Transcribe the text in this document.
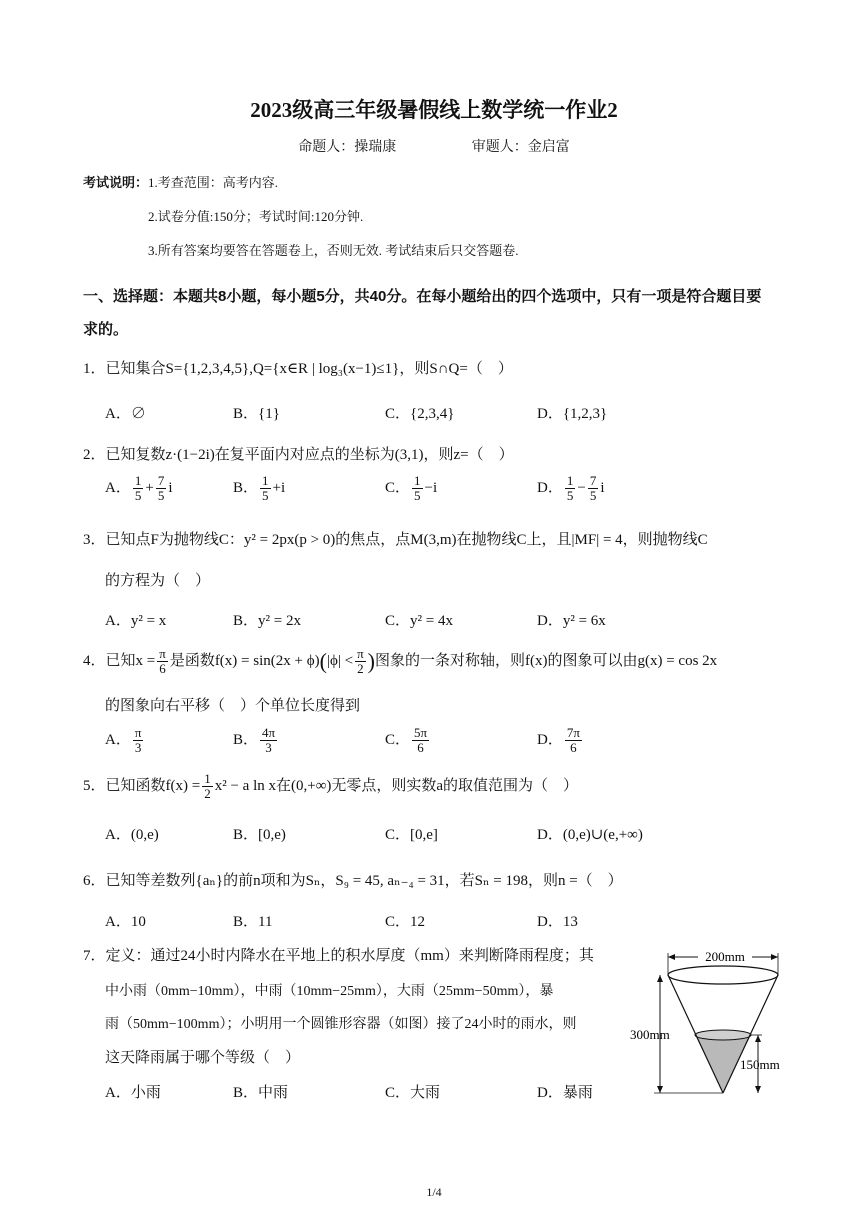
2023级高三年级暑假线上数学统一作业2
命题人：操瑞康	审题人：金启富
考试说明：1.考查范围：高考内容.
2.试卷分值:150分；考试时间:120分钟.
3.所有答案均要答在答题卷上，否则无效. 考试结束后只交答题卷.
一、选择题：本题共8小题，每小题5分，共40分。在每小题给出的四个选项中，只有一项是符合题目要
求的。
1．已知集合S={1,2,3,4,5},Q={x∈R | log₃(x−1)≤1}，则S∩Q=（　）
A．∅	B．{1}	C．{2,3,4}	D．{1,2,3}
2．已知复数z·(1−2i)在复平面内对应点的坐标为(3,1)，则z=（　）
A． $\frac{1}{5} + \frac{7}{5}$ i	B． $\frac{1}{5} +i$	C． $\frac{1}{5} -i$	D． $\frac{1}{5} - \frac{7}{5}$ i
3．已知点F为抛物线C：y² = 2px(p > 0)的焦点，点M(3,m)在抛物线C上，且|MF| = 4，则抛物线C
的方程为（　）
A．y² = x	B．y² = 2x	C．y² = 4x	D．y² = 6x
4．已知$x = \frac{\pi}{6}$ 是函数$f(x) = \sin(2x + \phi)(|\phi| < \frac{\pi}{2}$ )图象的一条对称轴，则f(x)的图象可以由g(x) = cos 2x
的图象向右平移（　）个单位长度得到
A． $\frac{\pi}{3}$	B． $\frac{4\pi}{3}$	C． $\frac{5\pi}{6}$	D． $\frac{7\pi}{6}$
5．已知函数$f(x) = \frac{1}{2} x^2 - a$ ln x在(0,+∞)无零点，则实数a的取值范围为（　）
A．(0,e)	B．[0,e)	C．[0,e]	D．(0,e)∪(e,+∞)
6．已知等差数列{aₙ}的前n项和为Sₙ，S₉ = 45, aₙ₋₄ = 31，若Sₙ = 198，则n =（　）
A．10	B．11	C．12	D．13
7．定义：通过24小时内降水在平地上的积水厚度（mm）来判断降雨程度；其
中小雨（0mm−10mm），中雨（10mm−25mm），大雨（25mm−50mm），暴
雨（50mm−100mm）；小明用一个圆锥形容器（如图）接了24小时的雨水，则
这天降雨属于哪个等级（　）
A．小雨	B．中雨	C．大雨	D．暴雨
200mm
300mm
150mm
1/4
